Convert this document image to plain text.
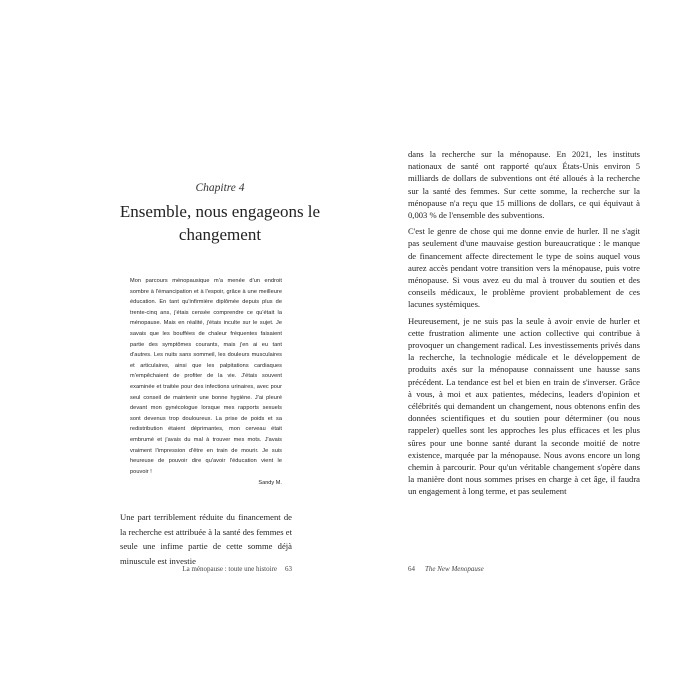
Chapitre 4
Ensemble, nous engageons le changement
Mon parcours ménopausique m'a menée d'un endroit sombre à l'émancipation et à l'espoir, grâce à une meilleure éducation. En tant qu'infirmière diplômée depuis plus de trente-cinq ans, j'étais censée comprendre ce qu'était la ménopause. Mais en réalité, j'étais inculte sur le sujet. Je savais que les bouffées de chaleur fréquentes faisaient partie des symptômes courants, mais j'en ai eu tant d'autres. Les nuits sans sommeil, les douleurs musculaires et articulaires, ainsi que les palpitations cardiaques m'empêchaient de profiter de la vie. J'étais souvent examinée et traitée pour des infections urinaires, avec pour seul conseil de maintenir une bonne hygiène. J'ai pleuré devant mon gynécologue lorsque mes rapports sexuels sont devenus trop douloureux. La prise de poids et sa redistribution étaient déprimantes, mon cerveau était embrumé et j'avais du mal à trouver mes mots. J'avais vraiment l'impression d'être en train de mourir. Je suis heureuse de pouvoir dire qu'avoir l'éducation vient le pouvoir !
Sandy M.
Une part terriblement réduite du financement de la recherche est attribuée à la santé des femmes et seule une infime partie de cette somme déjà minuscule est investie
La ménopause : toute une histoire 63

dans la recherche sur la ménopause. En 2021, les instituts nationaux de santé ont rapporté qu'aux États-Unis environ 5 milliards de dollars de subventions ont été alloués à la recherche sur la santé des femmes. Sur cette somme, la recherche sur la ménopause n'a reçu que 15 millions de dollars, ce qui équivaut à 0,003 % de l'ensemble des subventions.

C'est le genre de chose qui me donne envie de hurler. Il ne s'agit pas seulement d'une mauvaise gestion bureaucratique : le manque de financement affecte directement le type de soins auquel vous aurez accès pendant votre transition vers la ménopause, puis votre ménopause. Si vous avez eu du mal à trouver du soutien et des conseils médicaux, le problème provient probablement de ces lacunes systémiques.

Heureusement, je ne suis pas la seule à avoir envie de hurler et cette frustration alimente une action collective qui contribue à provoquer un changement radical. Les investissements privés dans la recherche, la technologie médicale et le développement de produits axés sur la ménopause connaissent une hausse sans précédent. La tendance est bel et bien en train de s'inverser. Grâce à vous, à moi et aux patientes, médecins, leaders d'opinion et célébrités qui demandent un changement, nous obtenons enfin des données scientifiques et du soutien pour déterminer (ou nous rappeler) quelles sont les approches les plus efficaces et les plus sûres pour une bonne santé durant la seconde moitié de notre existence, marquée par la ménopause. Nous avons encore un long chemin à parcourir. Pour qu'un véritable changement s'opère dans la manière dont nous sommes prises en charge à cet âge, il faudra un engagement à long terme, et pas seulement

64 The New Menopause
